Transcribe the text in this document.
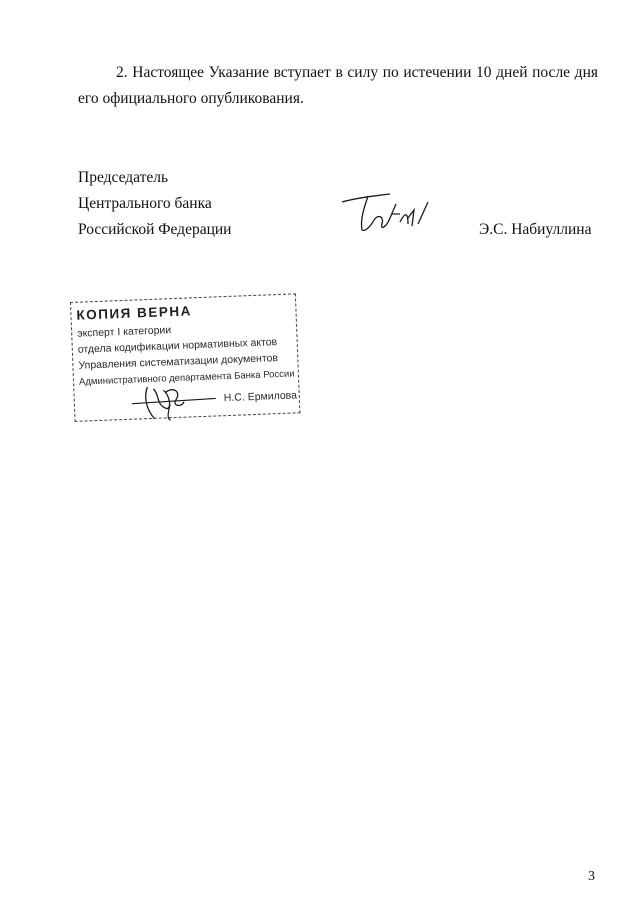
2. Настоящее Указание вступает в силу по истечении 10 дней после дня его официального опубликования.

Председатель
Центрального банка
Российской Федерации	Э.С. Набиуллина
КОПИЯ ВЕРНА
эксперт I категории
отдела кодификации нормативных актов
Управления систематизации документов
Административного департамента Банка России
Н.С. Ермилова
3
